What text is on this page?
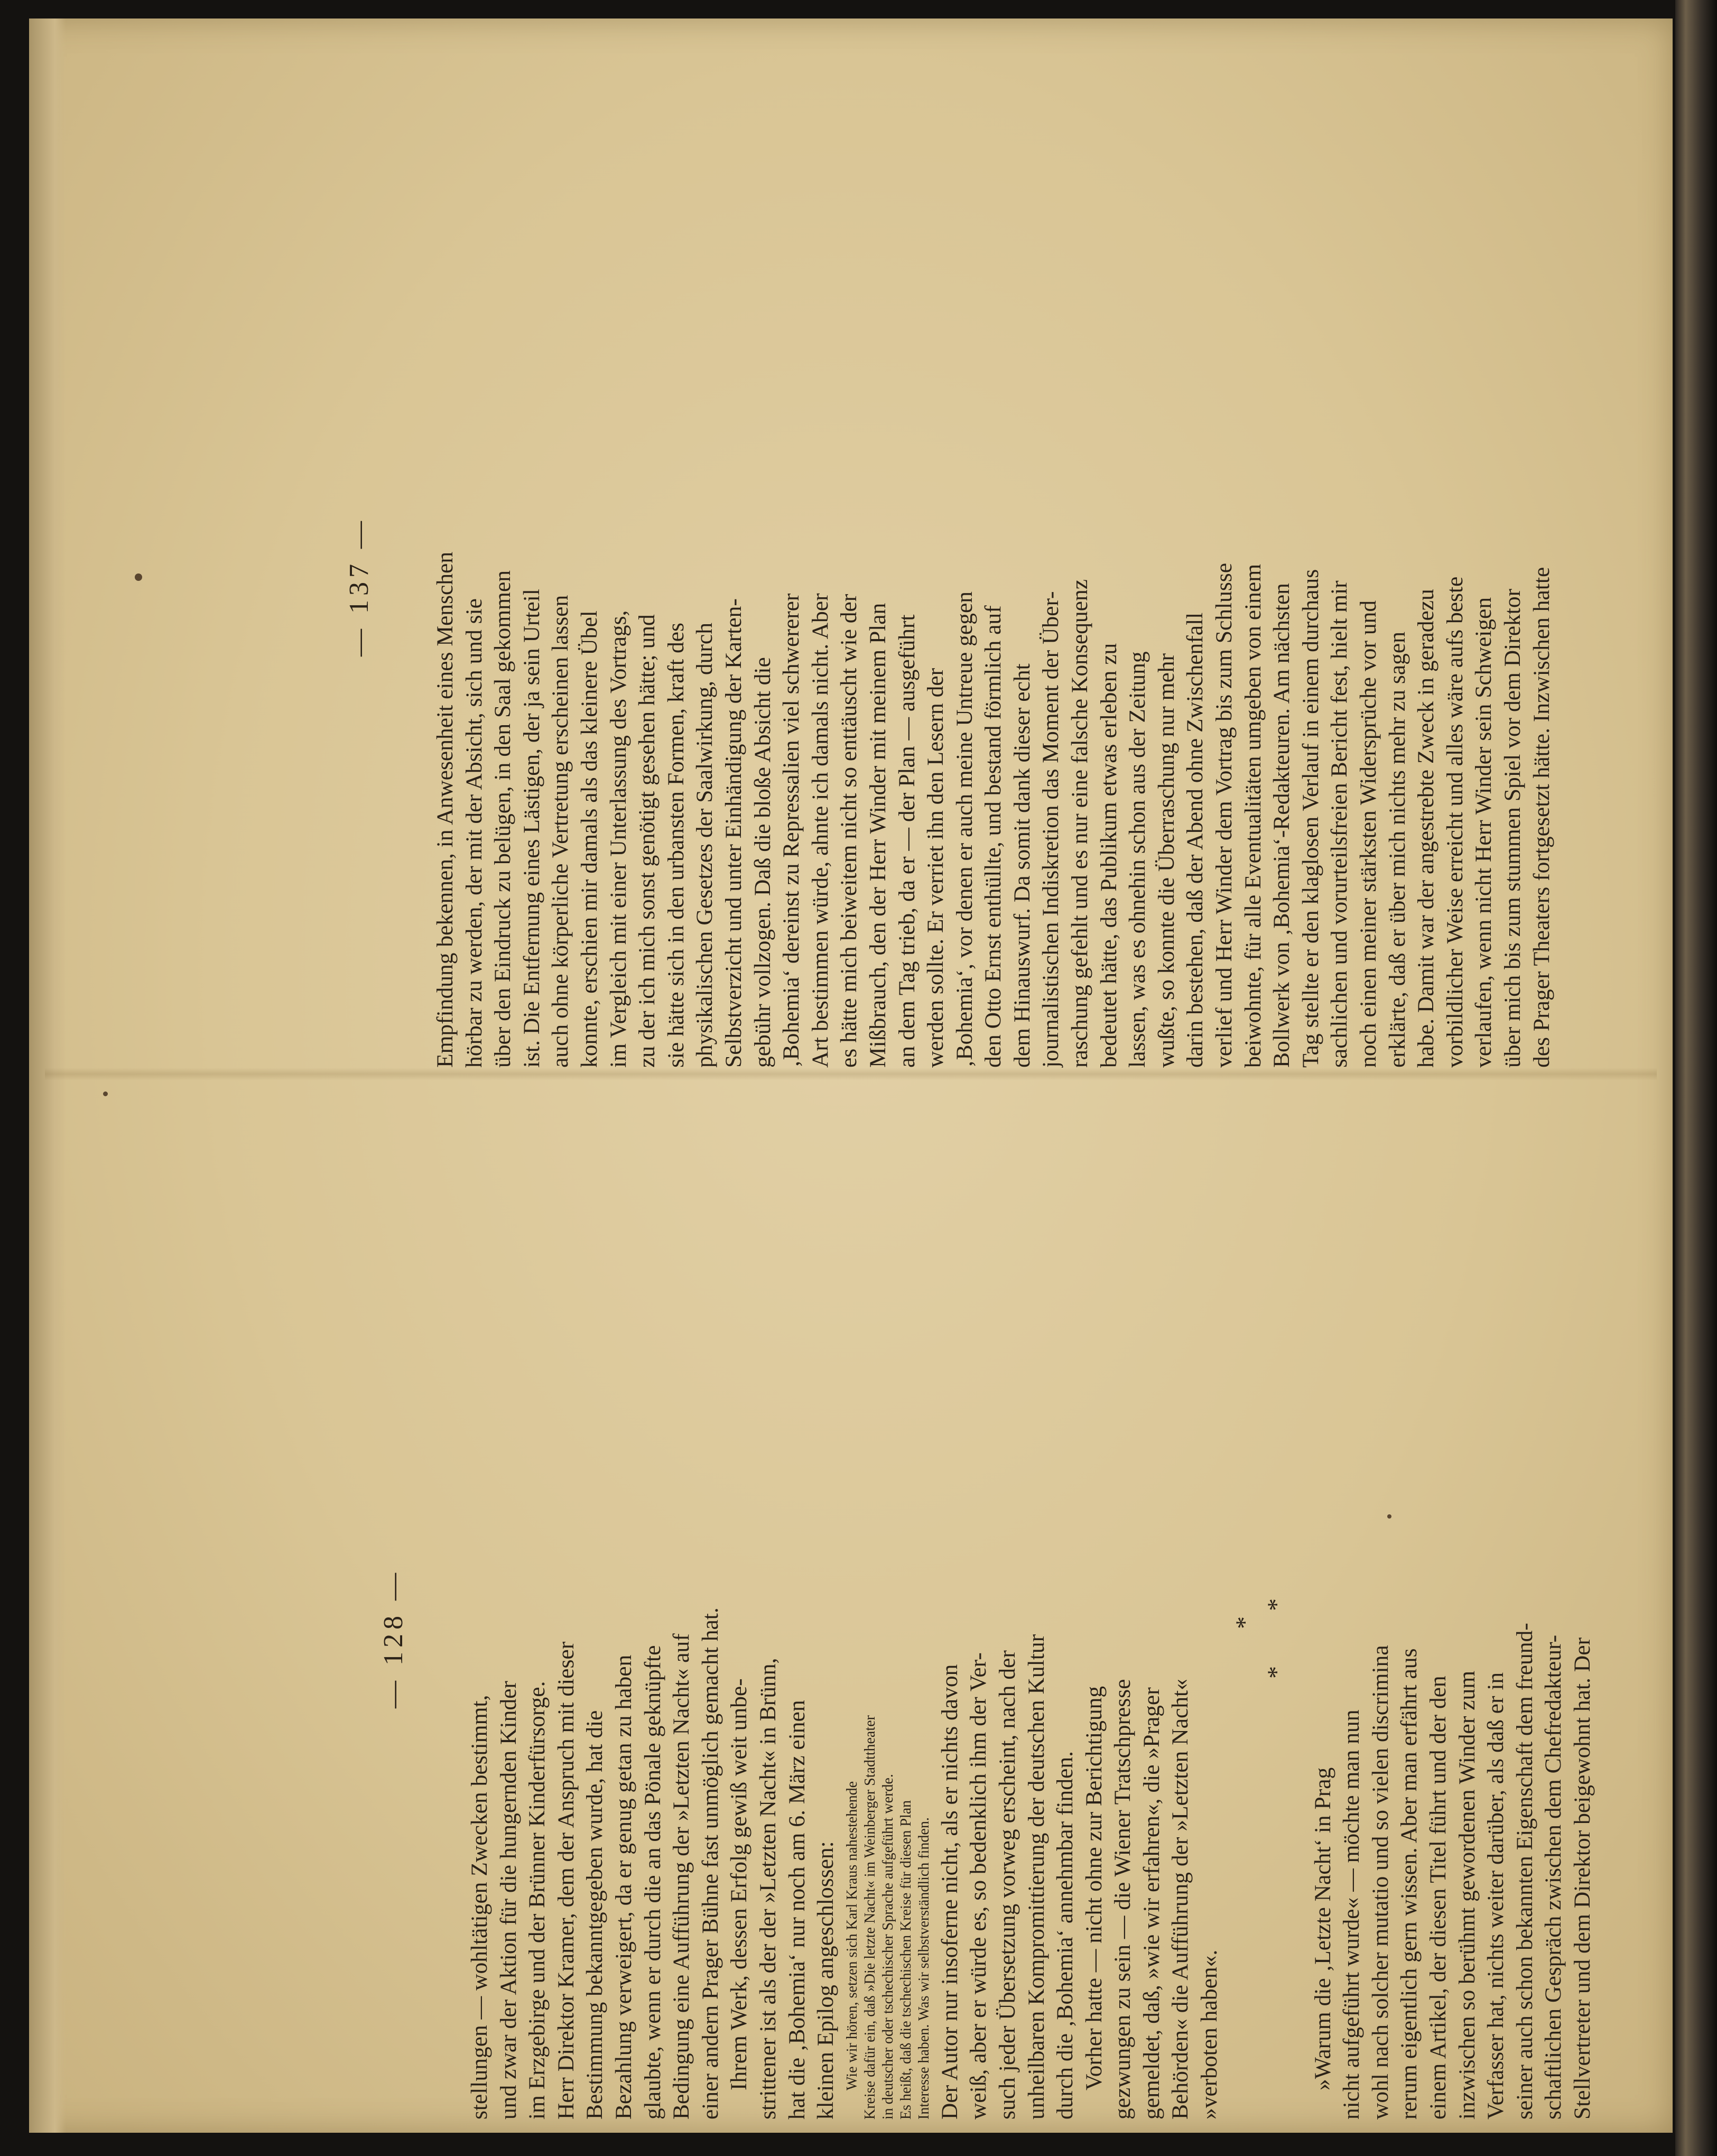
— 128 —
stellungen — wohltätigen Zwecken bestimmt, und zwar der Aktion für die hungernden Kinder im Erzgebirge und der Brünner Kinderfürsorge. Herr Direktor Kramer, dem der Anspruch mit dieser Bestimmung bekanntgegeben wurde, hat die Bezahlung verweigert, da er genug getan zu haben glaubte, wenn er durch die an das Pönale geknüpfte Bedingung eine Aufführung der »Letzten Nacht« auf einer andern Prager Bühne fast unmöglich gemacht hat. Ihrem Werk, dessen Erfolg gewiß weit unbe- strittener ist als der der »Letzten Nacht« in Brünn, hat die ‚Bohemia‘ nur noch am 6. März einen kleinen Epilog angeschlossen: Wie wir hören, setzen sich Karl Kraus nahestehende Kreise dafür ein, daß »Die letzte Nacht« im Weinberger Stadttheater in deutscher oder tschechischer Sprache aufgeführt werde. Es heißt, daß die tschechischen Kreise für diesen Plan Interesse haben. Was wir selbstverständlich finden. Der Autor nur insoferne nicht, als er nichts davon weiß, aber er würde es, so bedenklich ihm der Ver- such jeder Übersetzung vorweg erscheint, nach der unheilbaren Kompromittierung der deutschen Kultur durch die ‚Bohemia‘ annehmbar finden. Vorher hatte — nicht ohne zur Berichtigung gezwungen zu sein — die Wiener Tratschpresse gemeldet, daß, »wie wir erfahren«, die »Prager Behörden« die Aufführung der »Letzten Nacht« »verboten haben«.
*
*  *
»Warum die ‚Letzte Nacht‘ in Prag nicht aufgeführt wurde« — möchte man nun wohl nach solcher mutatio und so vielen discrimina rerum eigentlich gern wissen. Aber man erfährt aus einem Artikel, der diesen Titel führt und der den inzwischen so berühmt gewordenen Winder zum Verfasser hat, nichts weiter darüber, als daß er in seiner auch schon bekannten Eigenschaft dem freund- schaftlichen Gespräch zwischen dem Chefredakteur- Stellvertreter und dem Direktor beigewohnt hat. Der
— 137 —	Empfindung bekennen, in Anwesenheit eines Menschen hörbar zu werden, der mit der Absicht, sich und sie über den Eindruck zu belügen, in den Saal gekommen ist. Die Entfernung eines Lästigen, der ja sein Urteil auch ohne körperliche Vertretung erscheinen lassen konnte, erschien mir damals als das kleinere Übel im Vergleich mit einer Unterlassung des Vortrags, zu der ich mich sonst genötigt gesehen hätte; und sie hätte sich in den urbansten Formen, kraft des physikalischen Gesetzes der Saalwirkung, durch Selbstverzicht und unter Einhändigung der Karten- gebühr vollzogen. Daß die bloße Absicht die ‚Bohemia‘ dereinst zu Repressalien viel schwererer Art bestimmen würde, ahnte ich damals nicht. Aber es hätte mich beiweitem nicht so enttäuscht wie der Mißbrauch, den der Herr Winder mit meinem Plan an dem Tag trieb, da er — der Plan — ausgeführt werden sollte. Er verriet ihn den Lesern der ‚Bohemia‘, vor denen er auch meine Untreue gegen den Otto Ernst enthüllte, und bestand förmlich auf dem Hinauswurf. Da somit dank dieser echt journalistischen Indiskretion das Moment der Über- raschung gefehlt und es nur eine falsche Konsequenz bedeutet hätte, das Publikum etwas erleben zu lassen, was es ohnehin schon aus der Zeitung wußte, so konnte die Überraschung nur mehr darin bestehen, daß der Abend ohne Zwischenfall verlief und Herr Winder dem Vortrag bis zum Schlusse beiwohnte, für alle Eventualitäten umgeben von einem Bollwerk von ‚Bohemia‘-Redakteuren. Am nächsten Tag stellte er den klaglosen Verlauf in einem durchaus sachlichen und vorurteilsfreien Bericht fest, hielt mir noch einen meiner stärksten Widersprüche vor und erklärte, daß er über mich nichts mehr zu sagen habe. Damit war der angestrebte Zweck in geradezu vorbildlicher Weise erreicht und alles wäre aufs beste verlaufen, wenn nicht Herr Winder sein Schweigen über mich bis zum stummen Spiel vor dem Direktor des Prager Theaters fortgesetzt hätte. Inzwischen hatte
